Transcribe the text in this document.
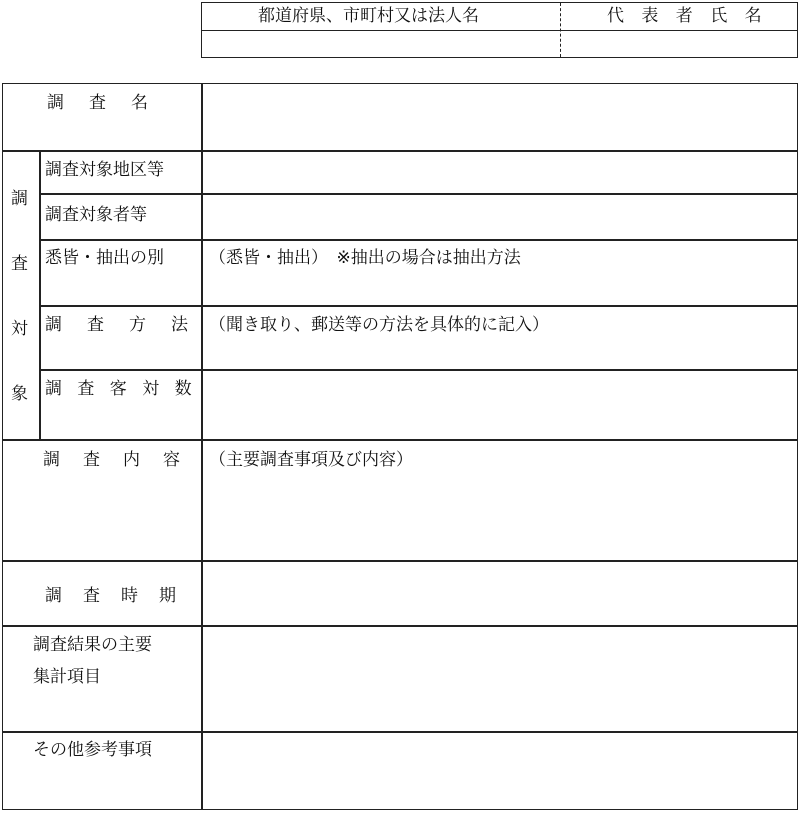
都道府県、市町村又は法人名	代 表 者 氏 名
調　査　名
調
査
対
象
調査対象地区等
調査対象者等
悉皆・抽出の別	（悉皆・抽出）　※抽出の場合は抽出方法
調　査　方　法 （聞き取り、郵送等の方法を具体的に記入）
調 査 客 対 数
調　査　内　容 （主要調査事項及び内容）
調　査　時　期
調査結果の主要
集計項目
その他参考事項
